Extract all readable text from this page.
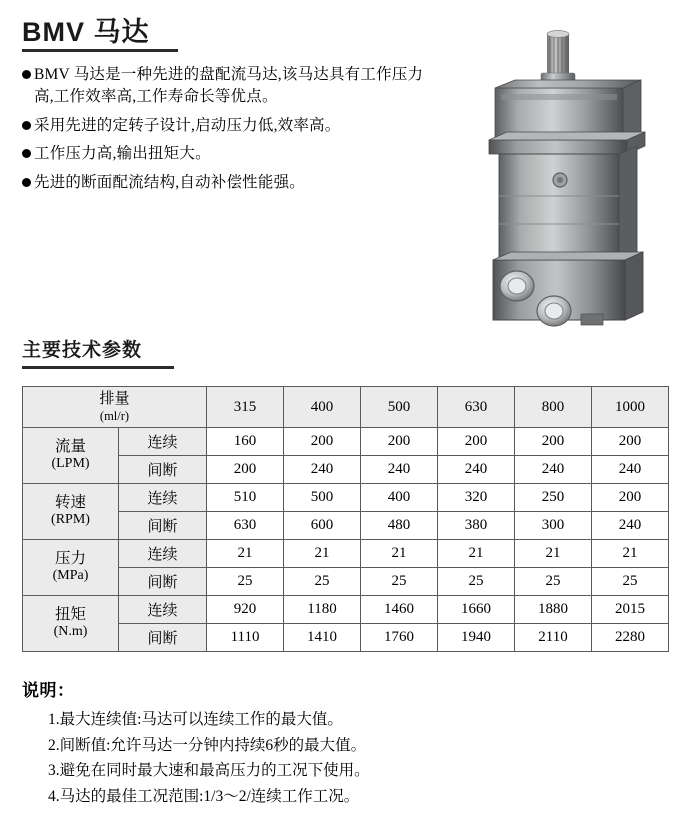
BMV 马达
BMV 马达是一种先进的盘配流马达,该马达具有工作压力高,工作效率高,工作寿命长等优点。
采用先进的定转子设计,启动压力低,效率高。
工作压力高,输出扭矩大。
先进的断面配流结构,自动补偿性能强。
主要技术参数
排量
(ml/r)		315	400	500	630	800	1000

流量
(LPM)	连续	160	200	200	200	200	200
	间断	200	240	240	240	240	240

转速
(RPM)	连续	510	500	400	320	250	200
	间断	630	600	480	380	300	240

压力
(MPa)	连续	21	21	21	21	21	21
	间断	25	25	25	25	25	25

扭矩
(N.m)	连续	920	1180	1460	1660	1880	2015
	间断	1110	1410	1760	1940	2110	2280
说明：
1.最大连续值:马达可以连续工作的最大值。
2.间断值:允许马达一分钟内持续6秒的最大值。
3.避免在同时最大速和最高压力的工况下使用。
4.马达的最佳工况范围:1/3～2/连续工作工况。
